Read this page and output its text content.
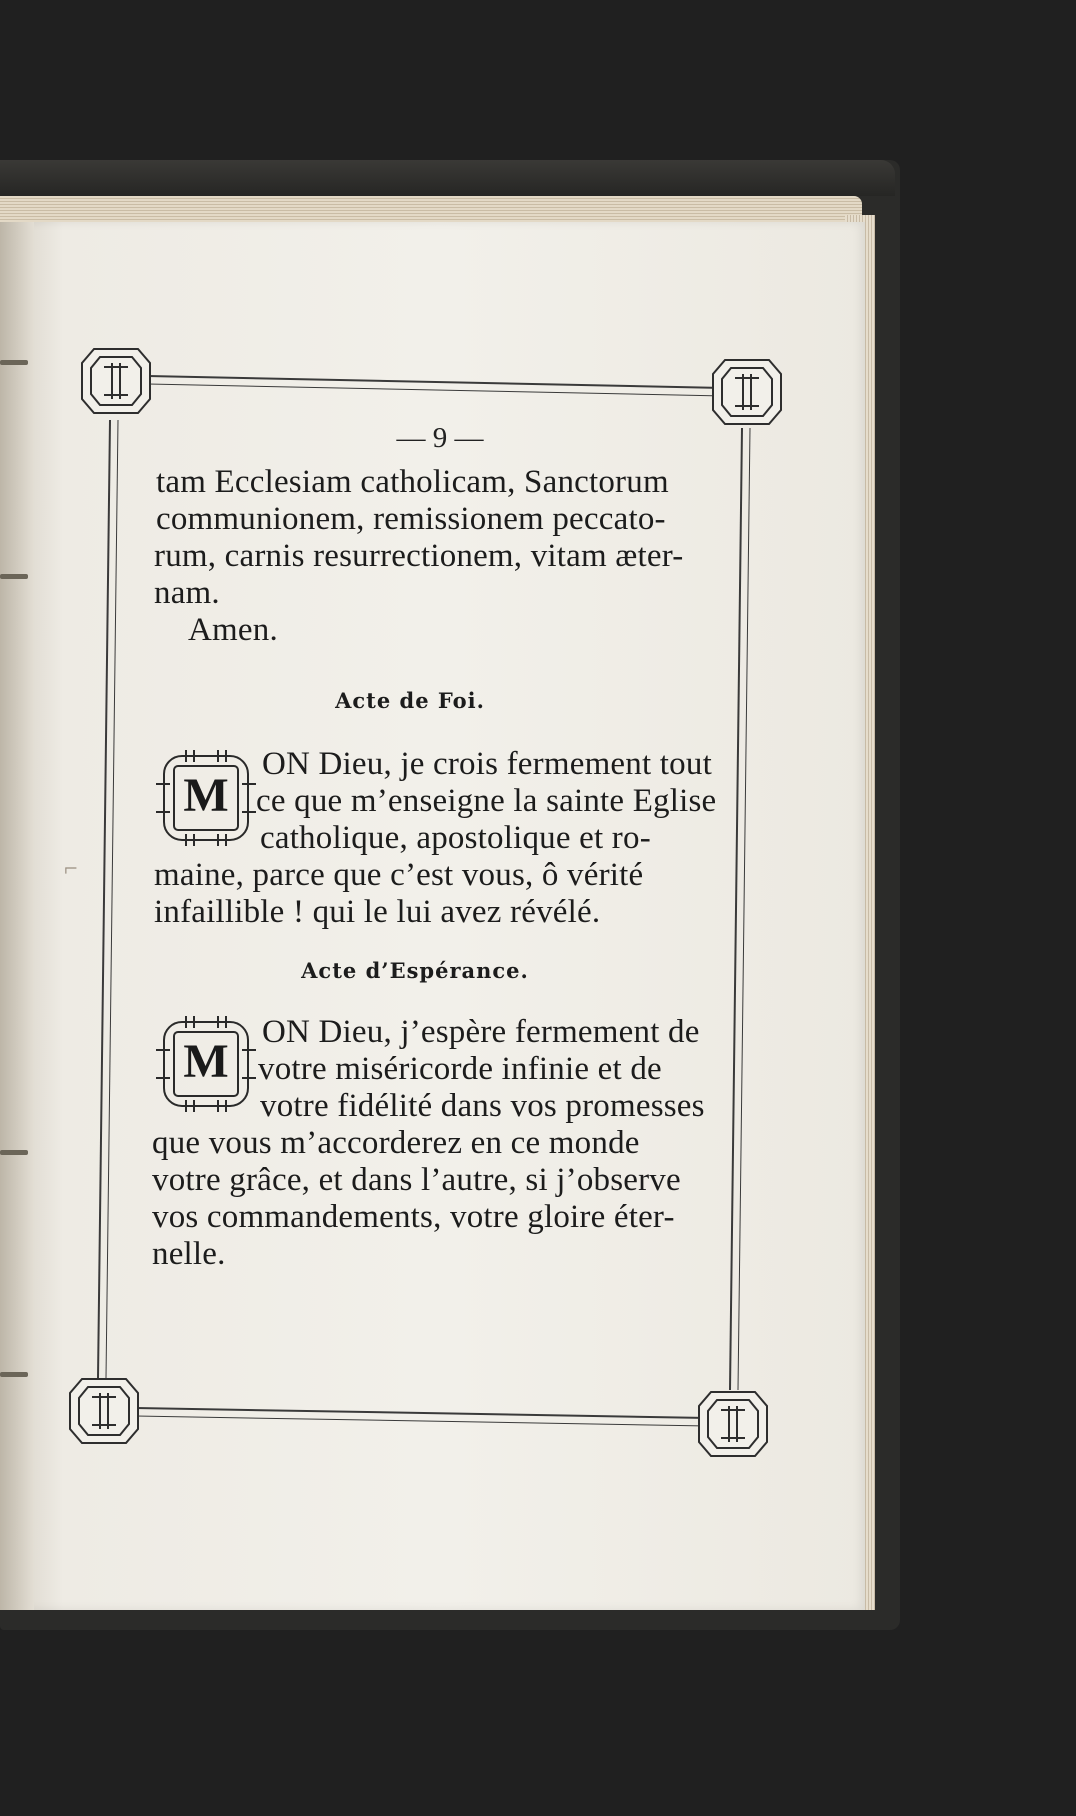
⌐
— 9 —
tam Ecclesiam catholicam, Sanctorum
communionem, remissionem peccato-
rum, carnis resurrectionem, vitam æter-
nam.
Amen.
Acte de Foi.
M
ON Dieu, je crois fermement tout
ce que m’enseigne la sainte Eglise
catholique, apostolique et ro-
maine, parce que c’est vous, ô vérité
infaillible ! qui le lui avez révélé.
Acte d’Espérance.
M
ON Dieu, j’espère fermement de
votre miséricorde infinie et de
votre fidélité dans vos promesses
que vous m’accorderez en ce monde
votre grâce, et dans l’autre, si j’observe
vos commandements, votre gloire éter-
nelle.
